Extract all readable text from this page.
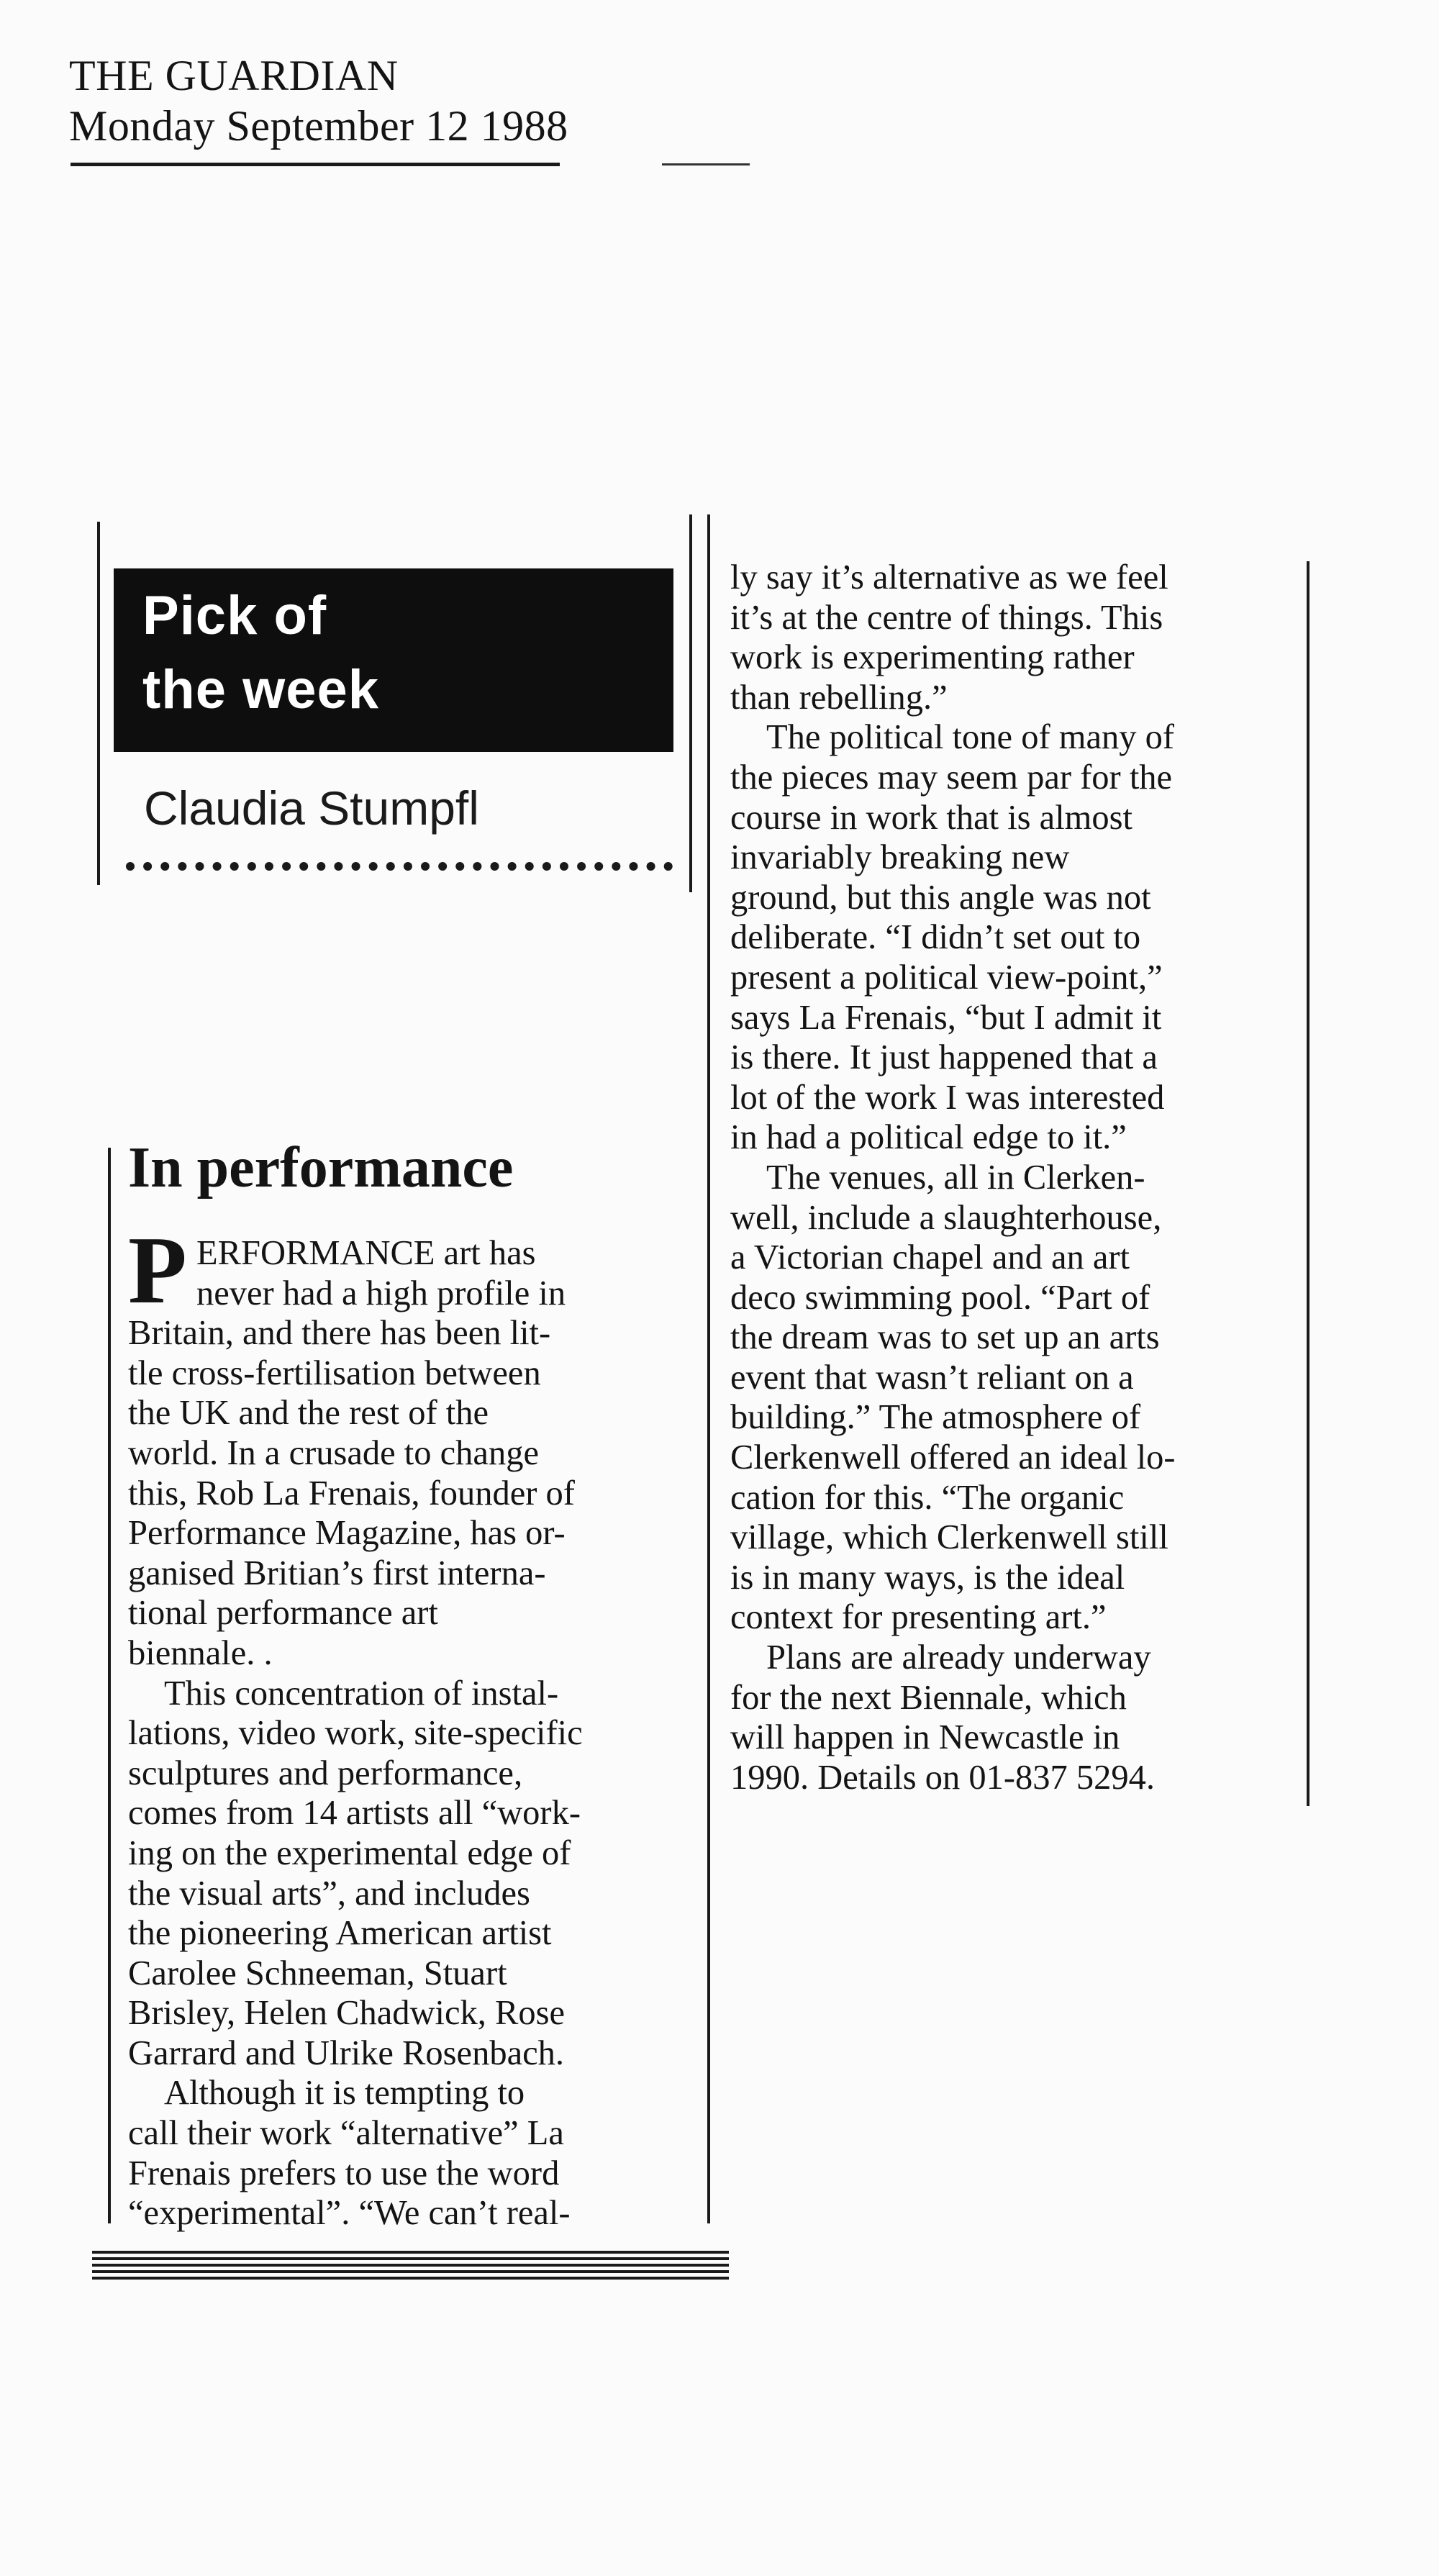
THE GUARDIAN
Monday September 12 1988
Pick of
the week
Claudia Stumpfl
In performance
P ERFORMANCE art has
never had a high profile in
Britain, and there has been lit-
tle cross-fertilisation between
the UK and the rest of the
world. In a crusade to change
this, Rob La Frenais, founder of
Performance Magazine, has or-
ganised Britian’s first interna-
tional performance art
biennale. .
This concentration of instal-
lations, video work, site-specific
sculptures and performance,
comes from 14 artists all “work-
ing on the experimental edge of
the visual arts”, and includes
the pioneering American artist
Carolee Schneeman, Stuart
Brisley, Helen Chadwick, Rose
Garrard and Ulrike Rosenbach.
Although it is tempting to
call their work “alternative” La
Frenais prefers to use the word
“experimental”. “We can’t real-
ly say it’s alternative as we feel
it’s at the centre of things. This
work is experimenting rather
than rebelling.”
The political tone of many of
the pieces may seem par for the
course in work that is almost
invariably breaking new
ground, but this angle was not
deliberate. “I didn’t set out to
present a political view-point,”
says La Frenais, “but I admit it
is there. It just happened that a
lot of the work I was interested
in had a political edge to it.”
The venues, all in Clerken-
well, include a slaughterhouse,
a Victorian chapel and an art
deco swimming pool. “Part of
the dream was to set up an arts
event that wasn’t reliant on a
building.” The atmosphere of
Clerkenwell offered an ideal lo-
cation for this. “The organic
village, which Clerkenwell still
is in many ways, is the ideal
context for presenting art.”
Plans are already underway
for the next Biennale, which
will happen in Newcastle in
1990. Details on 01-837 5294.
